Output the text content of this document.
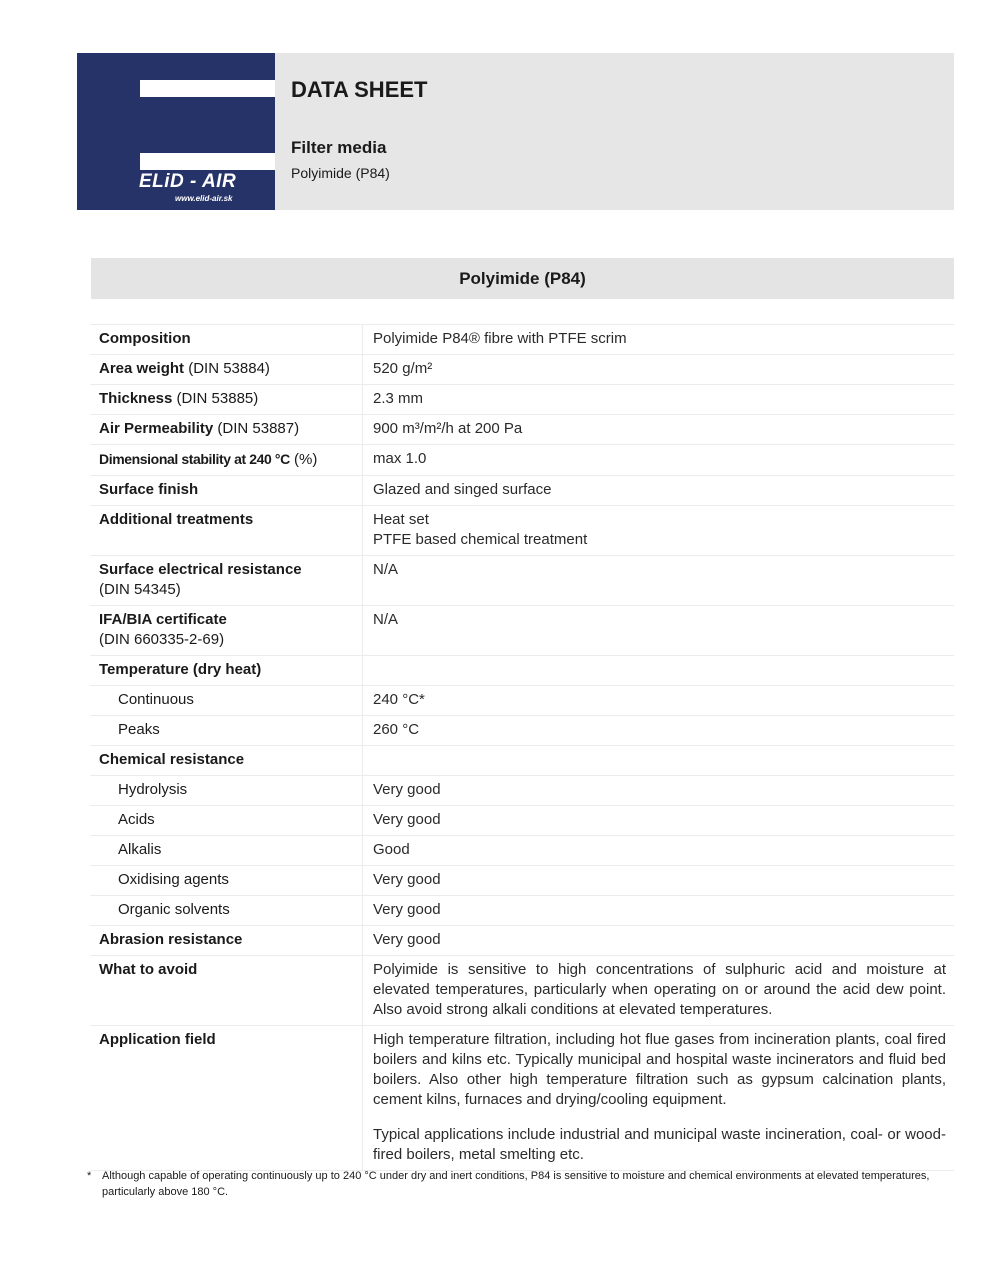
ELiD - AIR
www.elid-air.sk
DATA SHEET
Filter media
Polyimide (P84)
Polyimide (P84)
Composition	Polyimide P84® fibre with PTFE scrim
Area weight (DIN 53884)	520 g/m²
Thickness (DIN 53885)	2.3 mm
Air Permeability (DIN 53887)	900 m³/m²/h at 200 Pa
Dimensional stability at 240 °C (%)	max 1.0
Surface finish	Glazed and singed surface
Additional treatments	Heat set
PTFE based chemical treatment

Surface electrical resistance
(DIN 54345)	N/A

IFA/BIA certificate
(DIN 660335-2-69)	N/A
Temperature (dry heat)	
Continuous	240 °C*
Peaks	260 °C
Chemical resistance	
Hydrolysis	Very good
Acids	Very good
Alkalis	Good
Oxidising agents	Very good
Organic solvents	Very good
Abrasion resistance	Very good
What to avoid	Polyimide is sensitive to high concentrations of sulphuric acid and moisture at elevated temperatures, particularly when operating on or around the acid dew point. Also avoid strong alkali conditions at elevated temperatures.
Application field	High temperature filtration, including hot flue gases from incineration plants, coal fired boilers and kilns etc. Typically municipal and hospital waste incinerators and fluid bed boilers. Also other high temperature filtration such as gypsum calcination plants, cement kilns, furnaces and drying/cooling equipment.
Typical applications include industrial and municipal waste incineration, coal- or wood-fired boilers, metal smelting etc.
* Although capable of operating continuously up to 240 °C under dry and inert conditions, P84 is sensitive to moisture and chemical environments at elevated temperatures, particularly above 180 °C.
